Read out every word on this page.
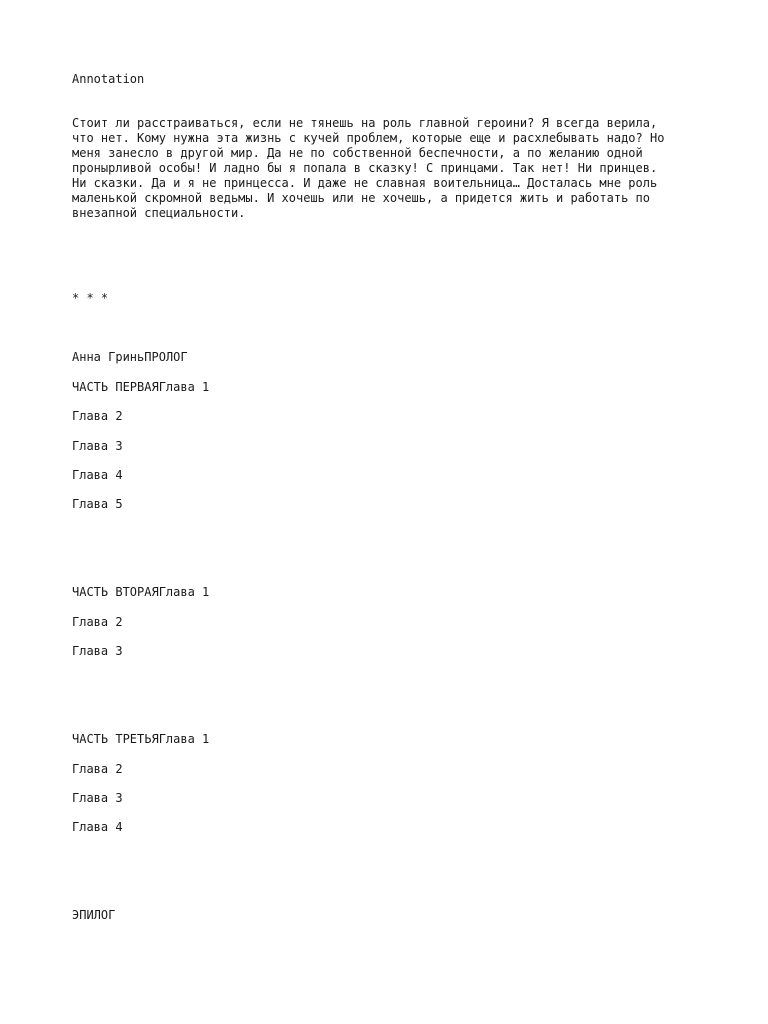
Annotation
Стоит ли расстраиваться, если не тянешь на роль главной героини? Я всегда верила,
что нет. Кому нужна эта жизнь с кучей проблем, которые еще и расхлебывать надо? Но
меня занесло в другой мир. Да не по собственной беспечности, а по желанию одной
пронырливой особы! И ладно бы я попала в сказку! С принцами. Так нет! Ни принцев.
Ни сказки. Да и я не принцесса. И даже не славная воительница… Досталась мне роль
маленькой скромной ведьмы. И хочешь или не хочешь, а придется жить и работать по
внезапной специальности.
* * *
Анна ГриньПРОЛОГ
ЧАСТЬ ПЕРВАЯГлава 1
Глава 2
Глава 3
Глава 4
Глава 5
ЧАСТЬ ВТОРАЯГлава 1
Глава 2
Глава 3
ЧАСТЬ ТРЕТЬЯГлава 1
Глава 2
Глава 3
Глава 4
ЭПИЛОГ
